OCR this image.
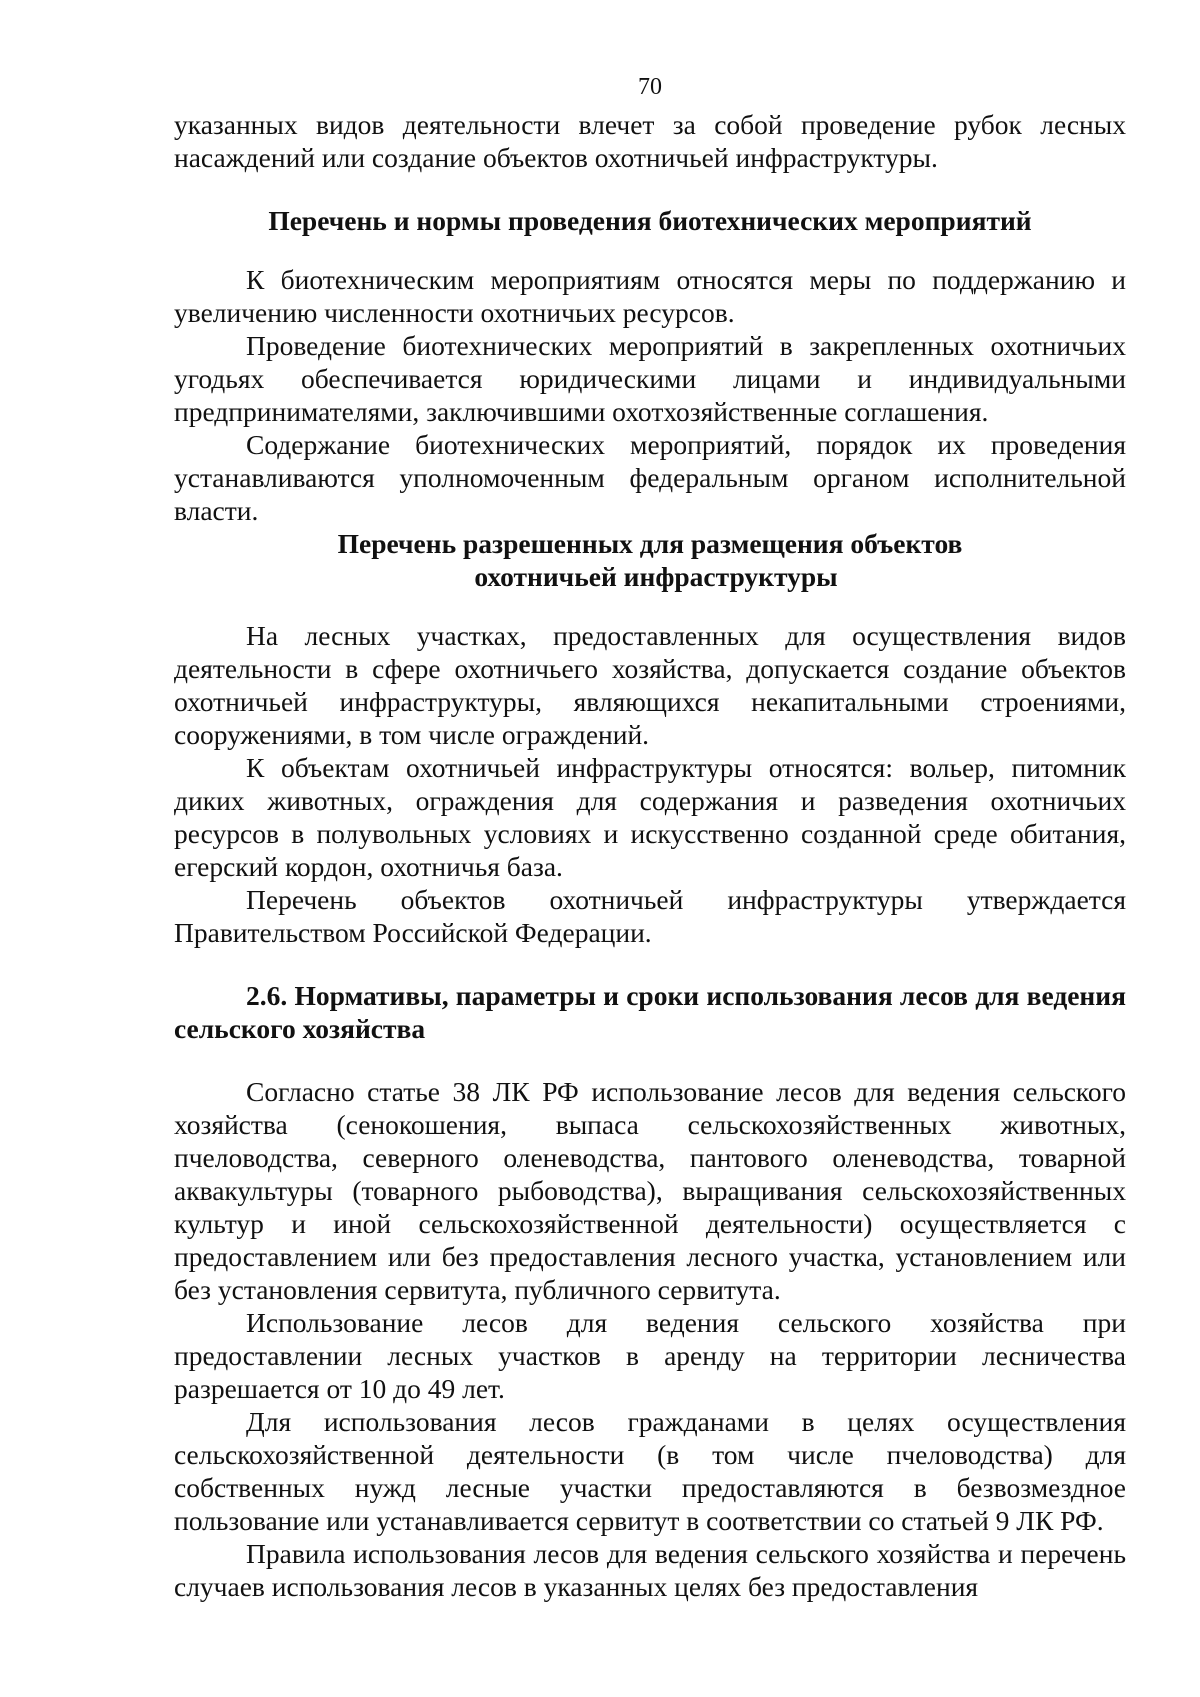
70

указанных видов деятельности влечет за собой проведение рубок лесных насаждений или создание объектов охотничьей инфраструктуры.

Перечень и нормы проведения биотехнических мероприятий

К биотехническим мероприятиям относятся меры по поддержанию и увеличению численности охотничьих ресурсов.

Проведение биотехнических мероприятий в закрепленных охотничьих угодьях обеспечивается юридическими лицами и индивидуальными предпринимателями, заключившими охотхозяйственные соглашения.

Содержание биотехнических мероприятий, порядок их проведения устанавливаются уполномоченным федеральным органом исполнительной власти.

Перечень разрешенных для размещения объектов
охотничьей инфраструктуры

На лесных участках, предоставленных для осуществления видов деятельности в сфере охотничьего хозяйства, допускается создание объектов охотничьей инфраструктуры, являющихся некапитальными строениями, сооружениями, в том числе ограждений.

К объектам охотничьей инфраструктуры относятся: вольер, питомник диких животных, ограждения для содержания и разведения охотничьих ресурсов в полувольных условиях и искусственно созданной среде обитания, егерский кордон, охотничья база.

Перечень объектов охотничьей инфраструктуры утверждается Правительством Российской Федерации.

2.6. Нормативы, параметры и сроки использования лесов для ведения сельского хозяйства

Согласно статье 38 ЛК РФ использование лесов для ведения сельского хозяйства (сенокошения, выпаса сельскохозяйственных животных, пчеловодства, северного оленеводства, пантового оленеводства, товарной аквакультуры (товарного рыбоводства), выращивания сельскохозяйственных культур и иной сельскохозяйственной деятельности) осуществляется с предоставлением или без предоставления лесного участка, установлением или без установления сервитута, публичного сервитута.

Использование лесов для ведения сельского хозяйства при предоставлении лесных участков в аренду на территории лесничества разрешается от 10 до 49 лет.

Для использования лесов гражданами в целях осуществления сельскохозяйственной деятельности (в том числе пчеловодства) для собственных нужд лесные участки предоставляются в безвозмездное пользование или устанавливается сервитут в соответствии со статьей 9 ЛК РФ.

Правила использования лесов для ведения сельского хозяйства и перечень случаев использования лесов в указанных целях без предоставления
